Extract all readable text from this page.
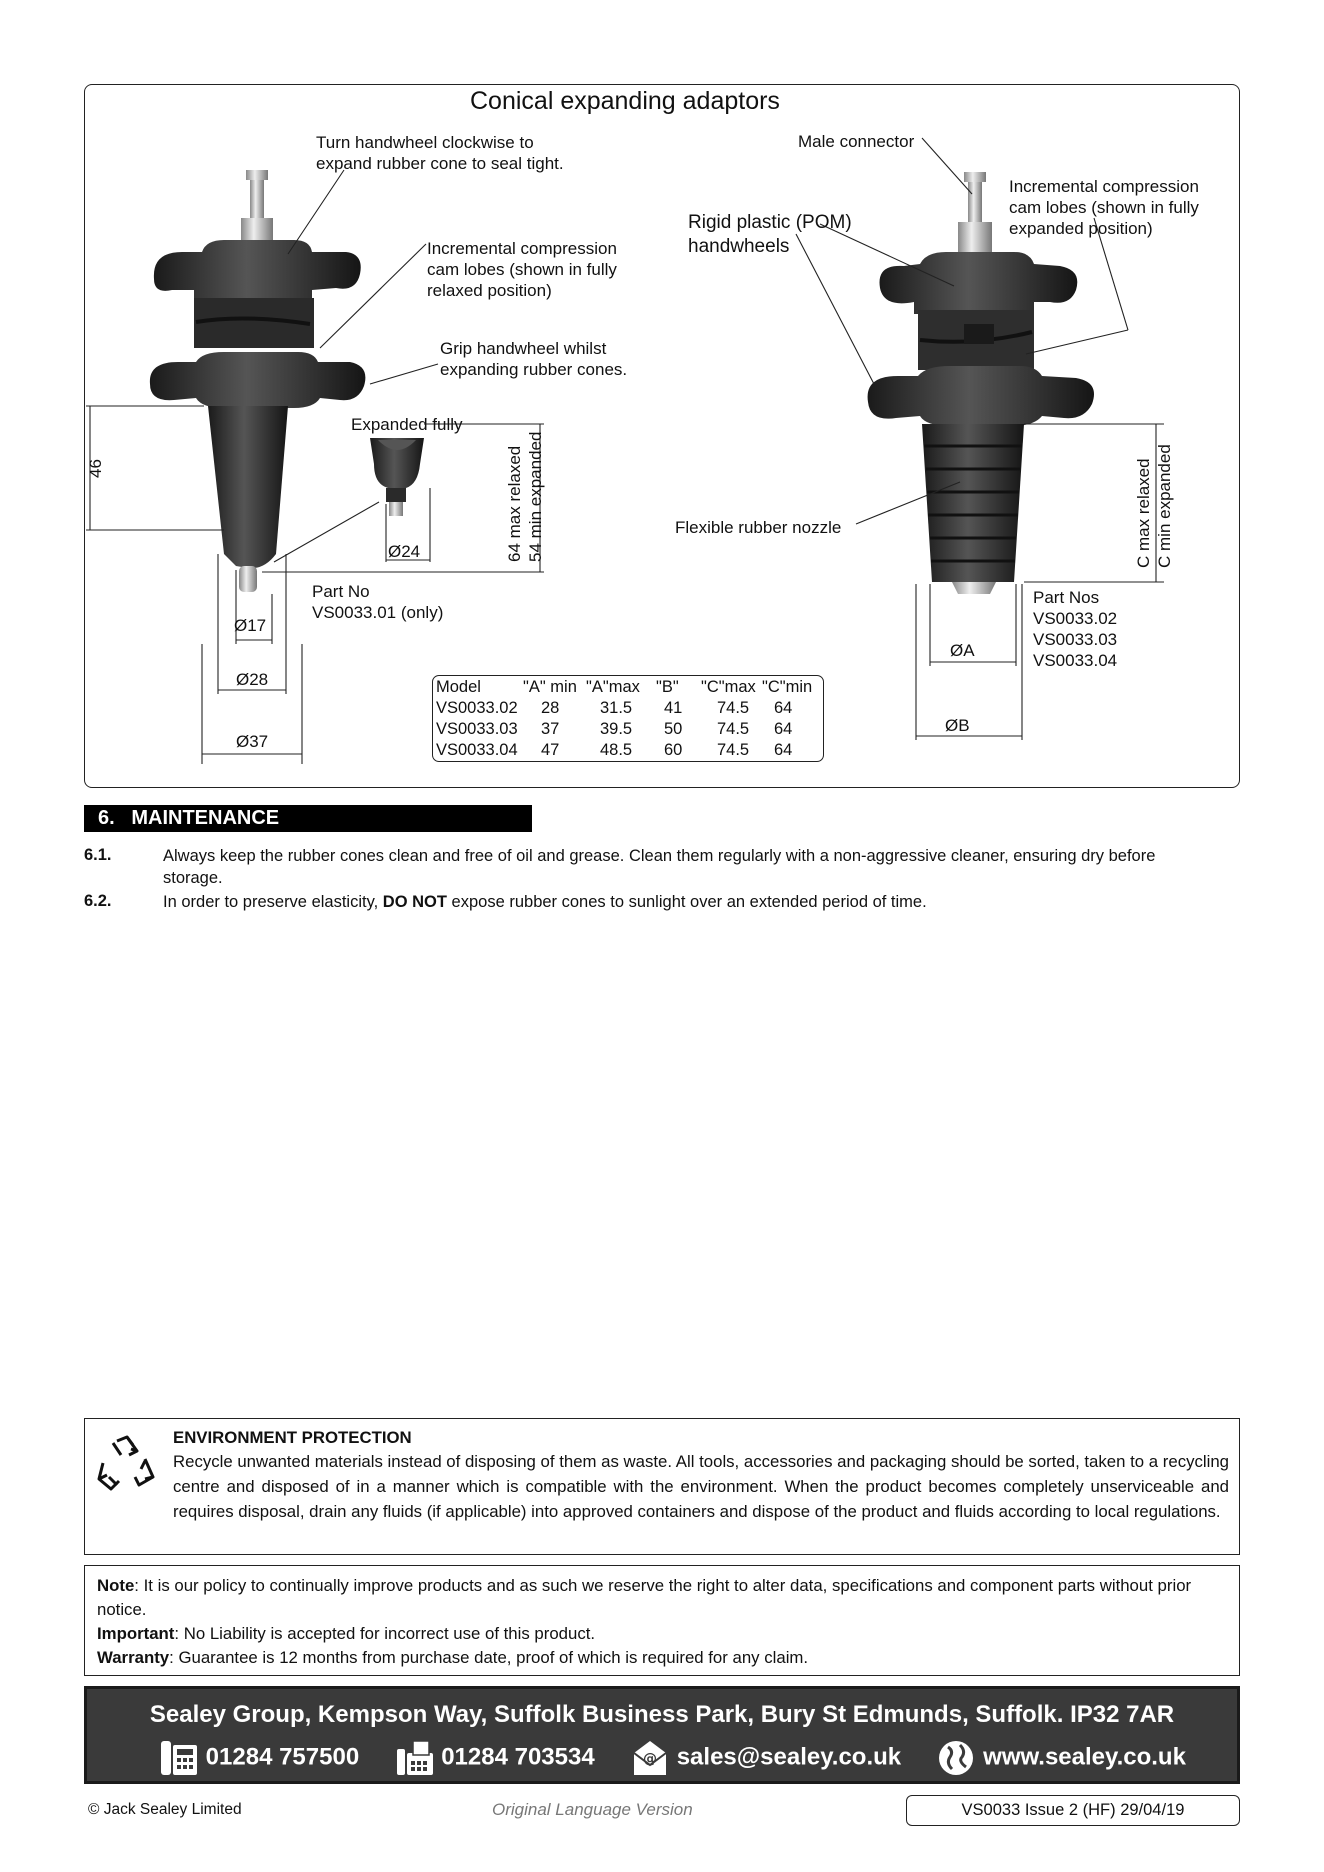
Conical expanding adaptors
Turn handwheel clockwise to
expand rubber cone to seal tight.
Incremental compression
cam lobes (shown in fully
relaxed position)
Grip handwheel whilst
expanding rubber cones.
Expanded fully
46	64 max relaxed 54 min expanded
Ø24
Ø17
Ø28
Ø37
Part No
VS0033.01 (only)
Male connector
Incremental compression
cam lobes (shown in fully
expanded position)
Rigid plastic (POM)
handwheels
Flexible rubber nozzle	C max relaxed C min expanded
ØA
ØB
Part Nos
VS0033.02
VS0033.03
VS0033.04
Model	"A" min	"A"max	"B"	"C"max	"C"min
VS0033.02	28	31.5	41	74.5	64
VS0033.03	37	39.5	50	74.5	64
VS0033.04	47	48.5	60	74.5	64
6. MAINTENANCE
6.1.	Always keep the rubber cones clean and free of oil and grease. Clean them regularly with a non-aggressive cleaner, ensuring dry before storage.
6.2.	In order to preserve elasticity, DO NOT expose rubber cones to sunlight over an extended period of time.
ENVIRONMENT PROTECTION
Recycle unwanted materials instead of disposing of them as waste. All tools, accessories and packaging should be sorted, taken to a recycling centre and disposed of in a manner which is compatible with the environment. When the product becomes completely unserviceable and requires disposal, drain any fluids (if applicable) into approved containers and dispose of the product and fluids according to local regulations.
Note: It is our policy to continually improve products and as such we reserve the right to alter data, specifications and component parts without prior notice.
Important: No Liability is accepted for incorrect use of this product.
Warranty: Guarantee is 12 months from purchase date, proof of which is required for any claim.
Sealey Group, Kempson Way, Suffolk Business Park, Bury St Edmunds, Suffolk. IP32 7AR
01284 757500	01284 703534	@ sales@sealey.co.uk	www.sealey.co.uk
© Jack Sealey Limited	Original Language Version	VS0033 Issue 2 (HF) 29/04/19
